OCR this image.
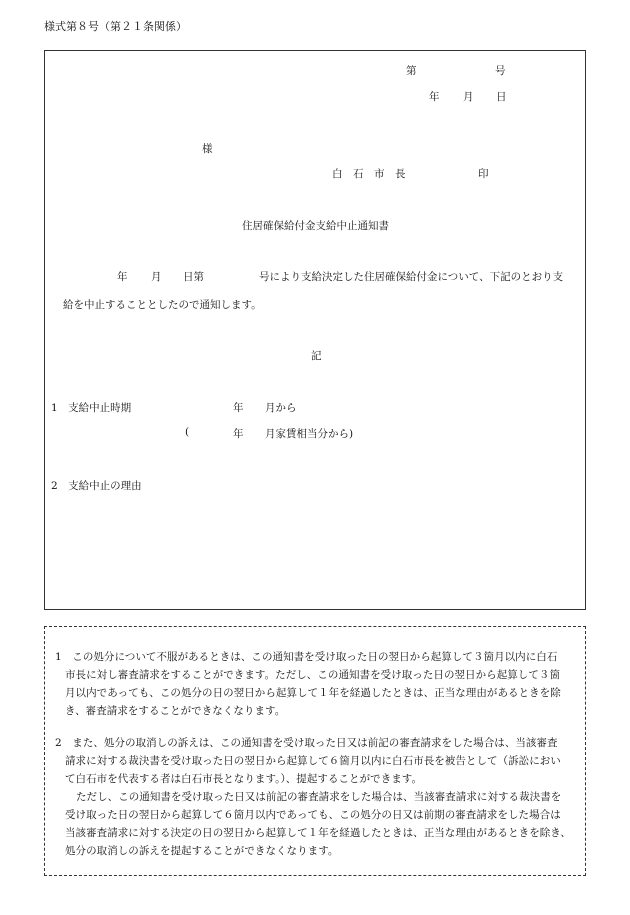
様式第８号（第２１条関係）
第	号
年 月 日
様
白　石　市　長	印
住居確保給付金支給中止通知書
年 月 日第	号により支給決定した住居確保給付金について、下記のとおり支
給を中止することとしたので通知します。
記
1　支給中止時期	年 月から
(	年 月家賃相当分から)
2　支給中止の理由
1　この処分について不服があるときは、この通知書を受け取った日の翌日から起算して３箇月以内に白石
市長に対し審査請求をすることができます。ただし、この通知書を受け取った日の翌日から起算して３箇
月以内であっても、この処分の日の翌日から起算して１年を経過したときは、正当な理由があるときを除
き、審査請求をすることができなくなります。
2　また、処分の取消しの訴えは、この通知書を受け取った日又は前記の審査請求をした場合は、当該審査
請求に対する裁決書を受け取った日の翌日から起算して６箇月以内に白石市長を被告として（訴訟におい
て白石市を代表する者は白石市長となります。）、提起することができます。
ただし、この通知書を受け取った日又は前記の審査請求をした場合は、当該審査請求に対する裁決書を
受け取った日の翌日から起算して６箇月以内であっても、この処分の日又は前期の審査請求をした場合は
当該審査請求に対する決定の日の翌日から起算して１年を経過したときは、正当な理由があるときを除き、
処分の取消しの訴えを提起することができなくなります。
